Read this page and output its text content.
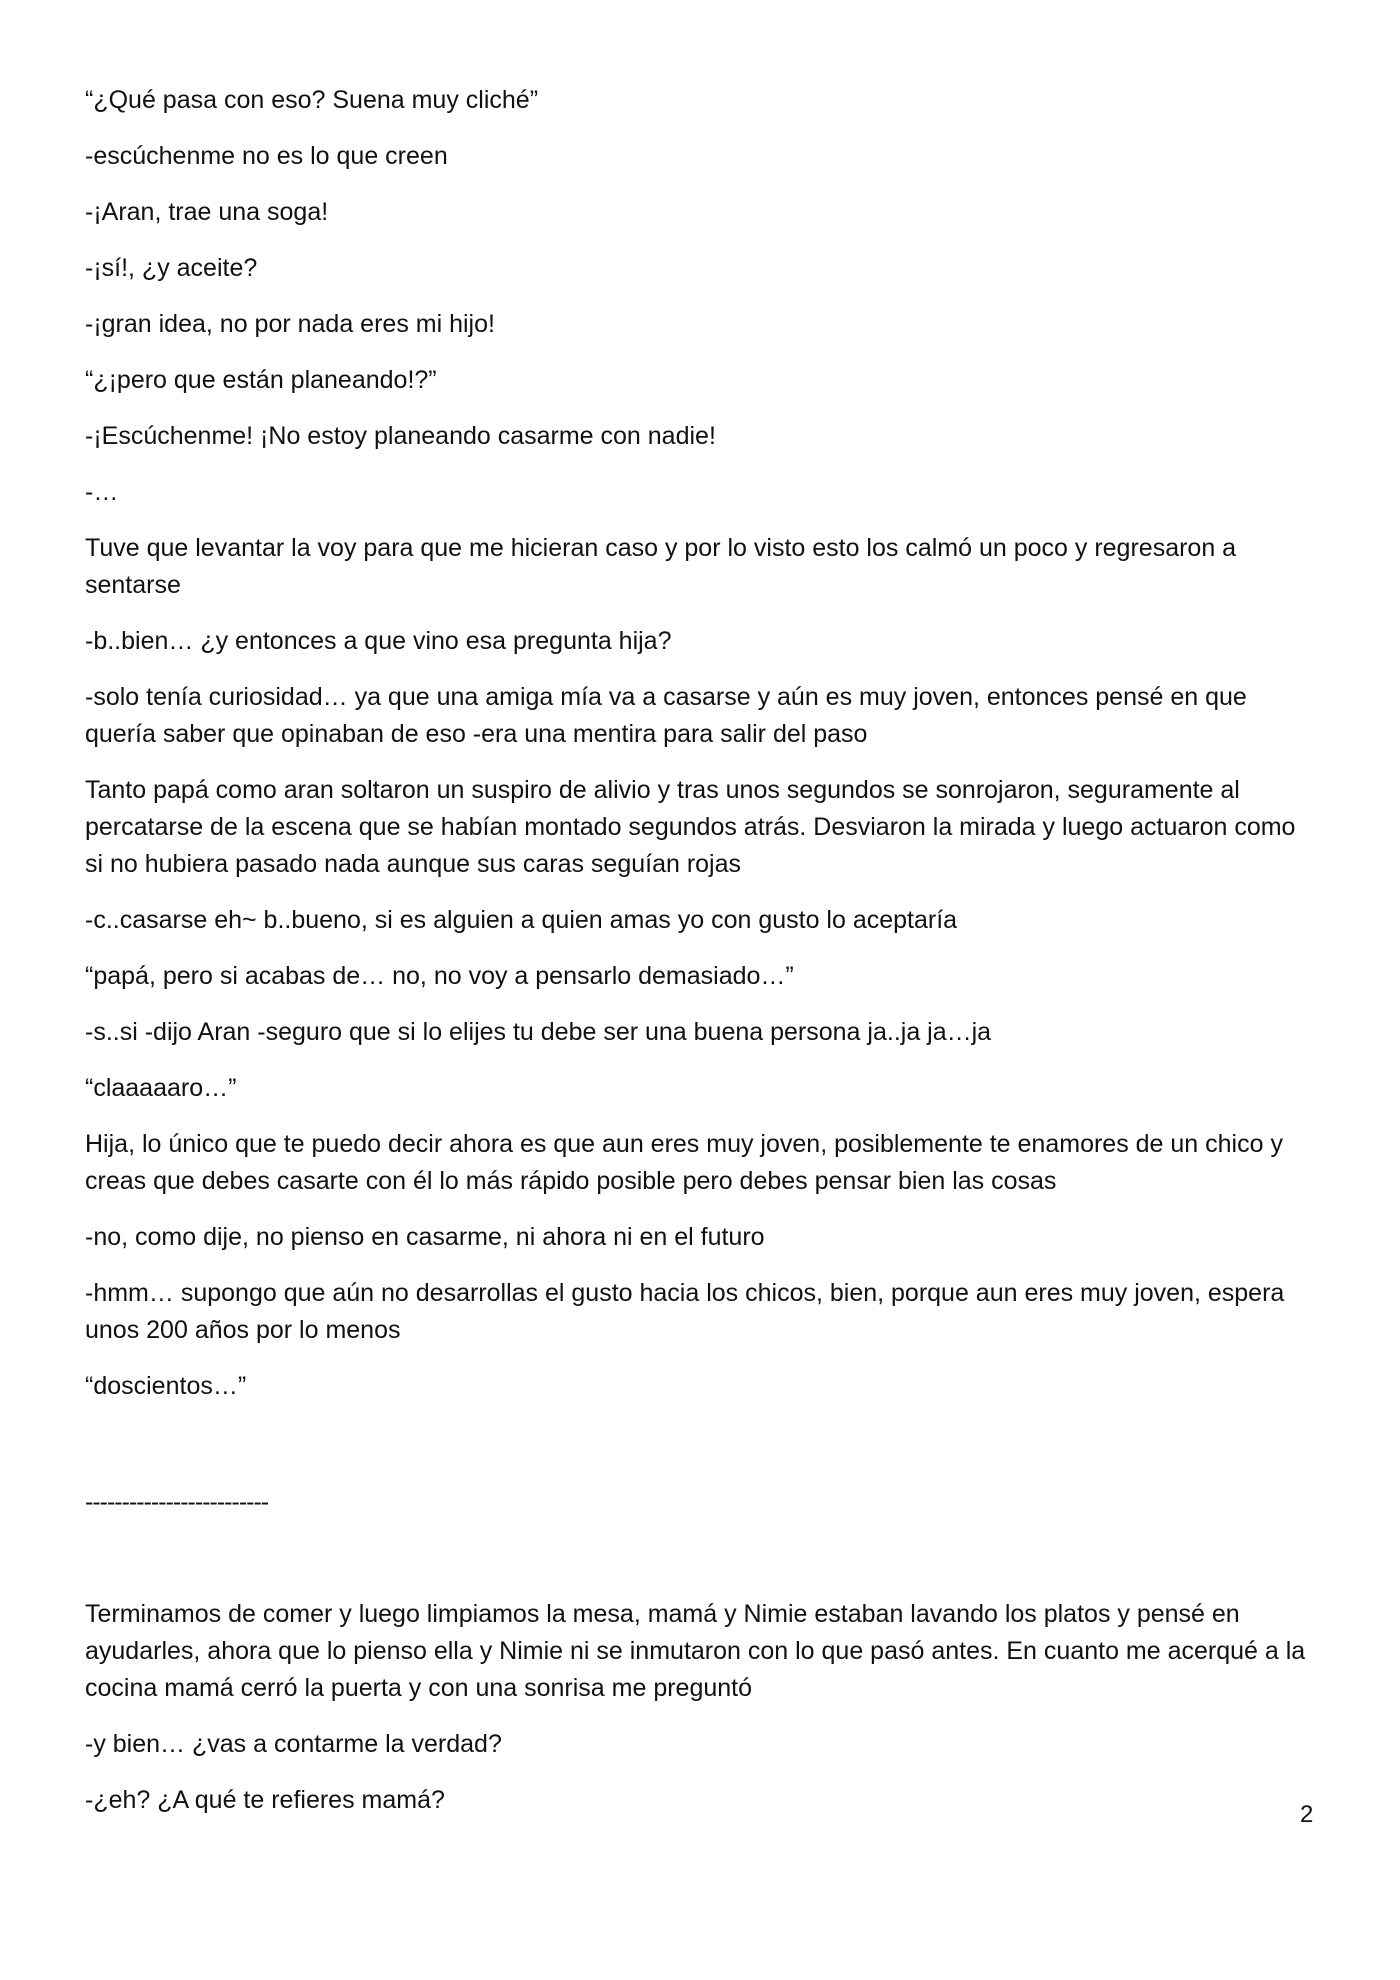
“¿Qué pasa con eso? Suena muy cliché”

-escúchenme no es lo que creen

-¡Aran, trae una soga!

-¡sí!, ¿y aceite?

-¡gran idea, no por nada eres mi hijo!

“¿¡pero que están planeando!?”

-¡Escúchenme! ¡No estoy planeando casarme con nadie!

-…

Tuve que levantar la voy para que me hicieran caso y por lo visto esto los calmó un poco y regresaron a sentarse

-b..bien… ¿y entonces a que vino esa pregunta hija?

-solo tenía curiosidad… ya que una amiga mía va a casarse y aún es muy joven, entonces pensé en que quería saber que opinaban de eso -era una mentira para salir del paso

Tanto papá como aran soltaron un suspiro de alivio y tras unos segundos se sonrojaron, seguramente al percatarse de la escena que se habían montado segundos atrás. Desviaron la mirada y luego actuaron como si no hubiera pasado nada aunque sus caras seguían rojas

-c..casarse eh~ b..bueno, si es alguien a quien amas yo con gusto lo aceptaría

“papá, pero si acabas de… no, no voy a pensarlo demasiado…”

-s..si -dijo Aran -seguro que si lo elijes tu debe ser una buena persona ja..ja ja…ja

“claaaaaro…”

Hija, lo único que te puedo decir ahora es que aun eres muy joven, posiblemente te enamores de un chico y creas que debes casarte con él lo más rápido posible pero debes pensar bien las cosas

-no, como dije, no pienso en casarme, ni ahora ni en el futuro

-hmm… supongo que aún no desarrollas el gusto hacia los chicos, bien, porque aun eres muy joven, espera unos 200 años por lo menos

“doscientos…”

-------------------------

Terminamos de comer y luego limpiamos la mesa, mamá y Nimie estaban lavando los platos y pensé en ayudarles, ahora que lo pienso ella y Nimie ni se inmutaron con lo que pasó antes. En cuanto me acerqué a la cocina mamá cerró la puerta y con una sonrisa me preguntó

-y bien… ¿vas a contarme la verdad?

-¿eh? ¿A qué te refieres mamá?

2
